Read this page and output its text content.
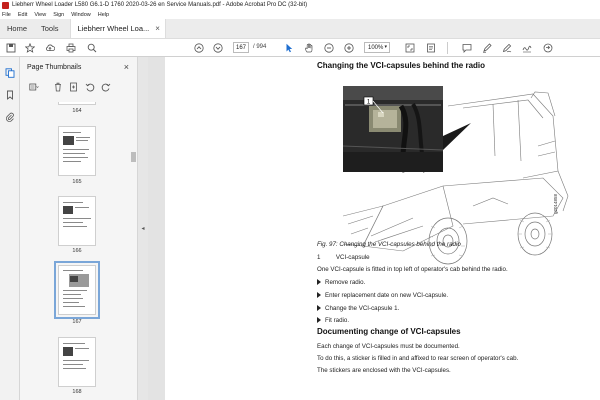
Liebherr Wheel Loader L580 G6.1-D 1760 2020-03-26 en Service Manuals.pdf - Adobe Acrobat Pro DC (32-bit)
File Edit View Sign Window Help
Home	Tools	Liebherr Wheel Loa... ×
167	/ 994	100% ▾
Page Thumbnails	×
164
165
166
167
168
◂
Changing the VCI-capsules behind the radio
1
g2014858
Fig. 97: Changing the VCI-capsules behind the radio
1 VCI-capsule
One VCI-capsule is fitted in top left of operator's cab behind the radio.
Remove radio.
Enter replacement date on new VCI-capsule.
Change the VCI-capsule 1.
Fit radio.
Documenting change of VCI-capsules
Each change of VCI-capsules must be documented.
To do this, a sticker is filled in and affixed to rear screen of operator's cab.
The stickers are enclosed with the VCI-capsules.
